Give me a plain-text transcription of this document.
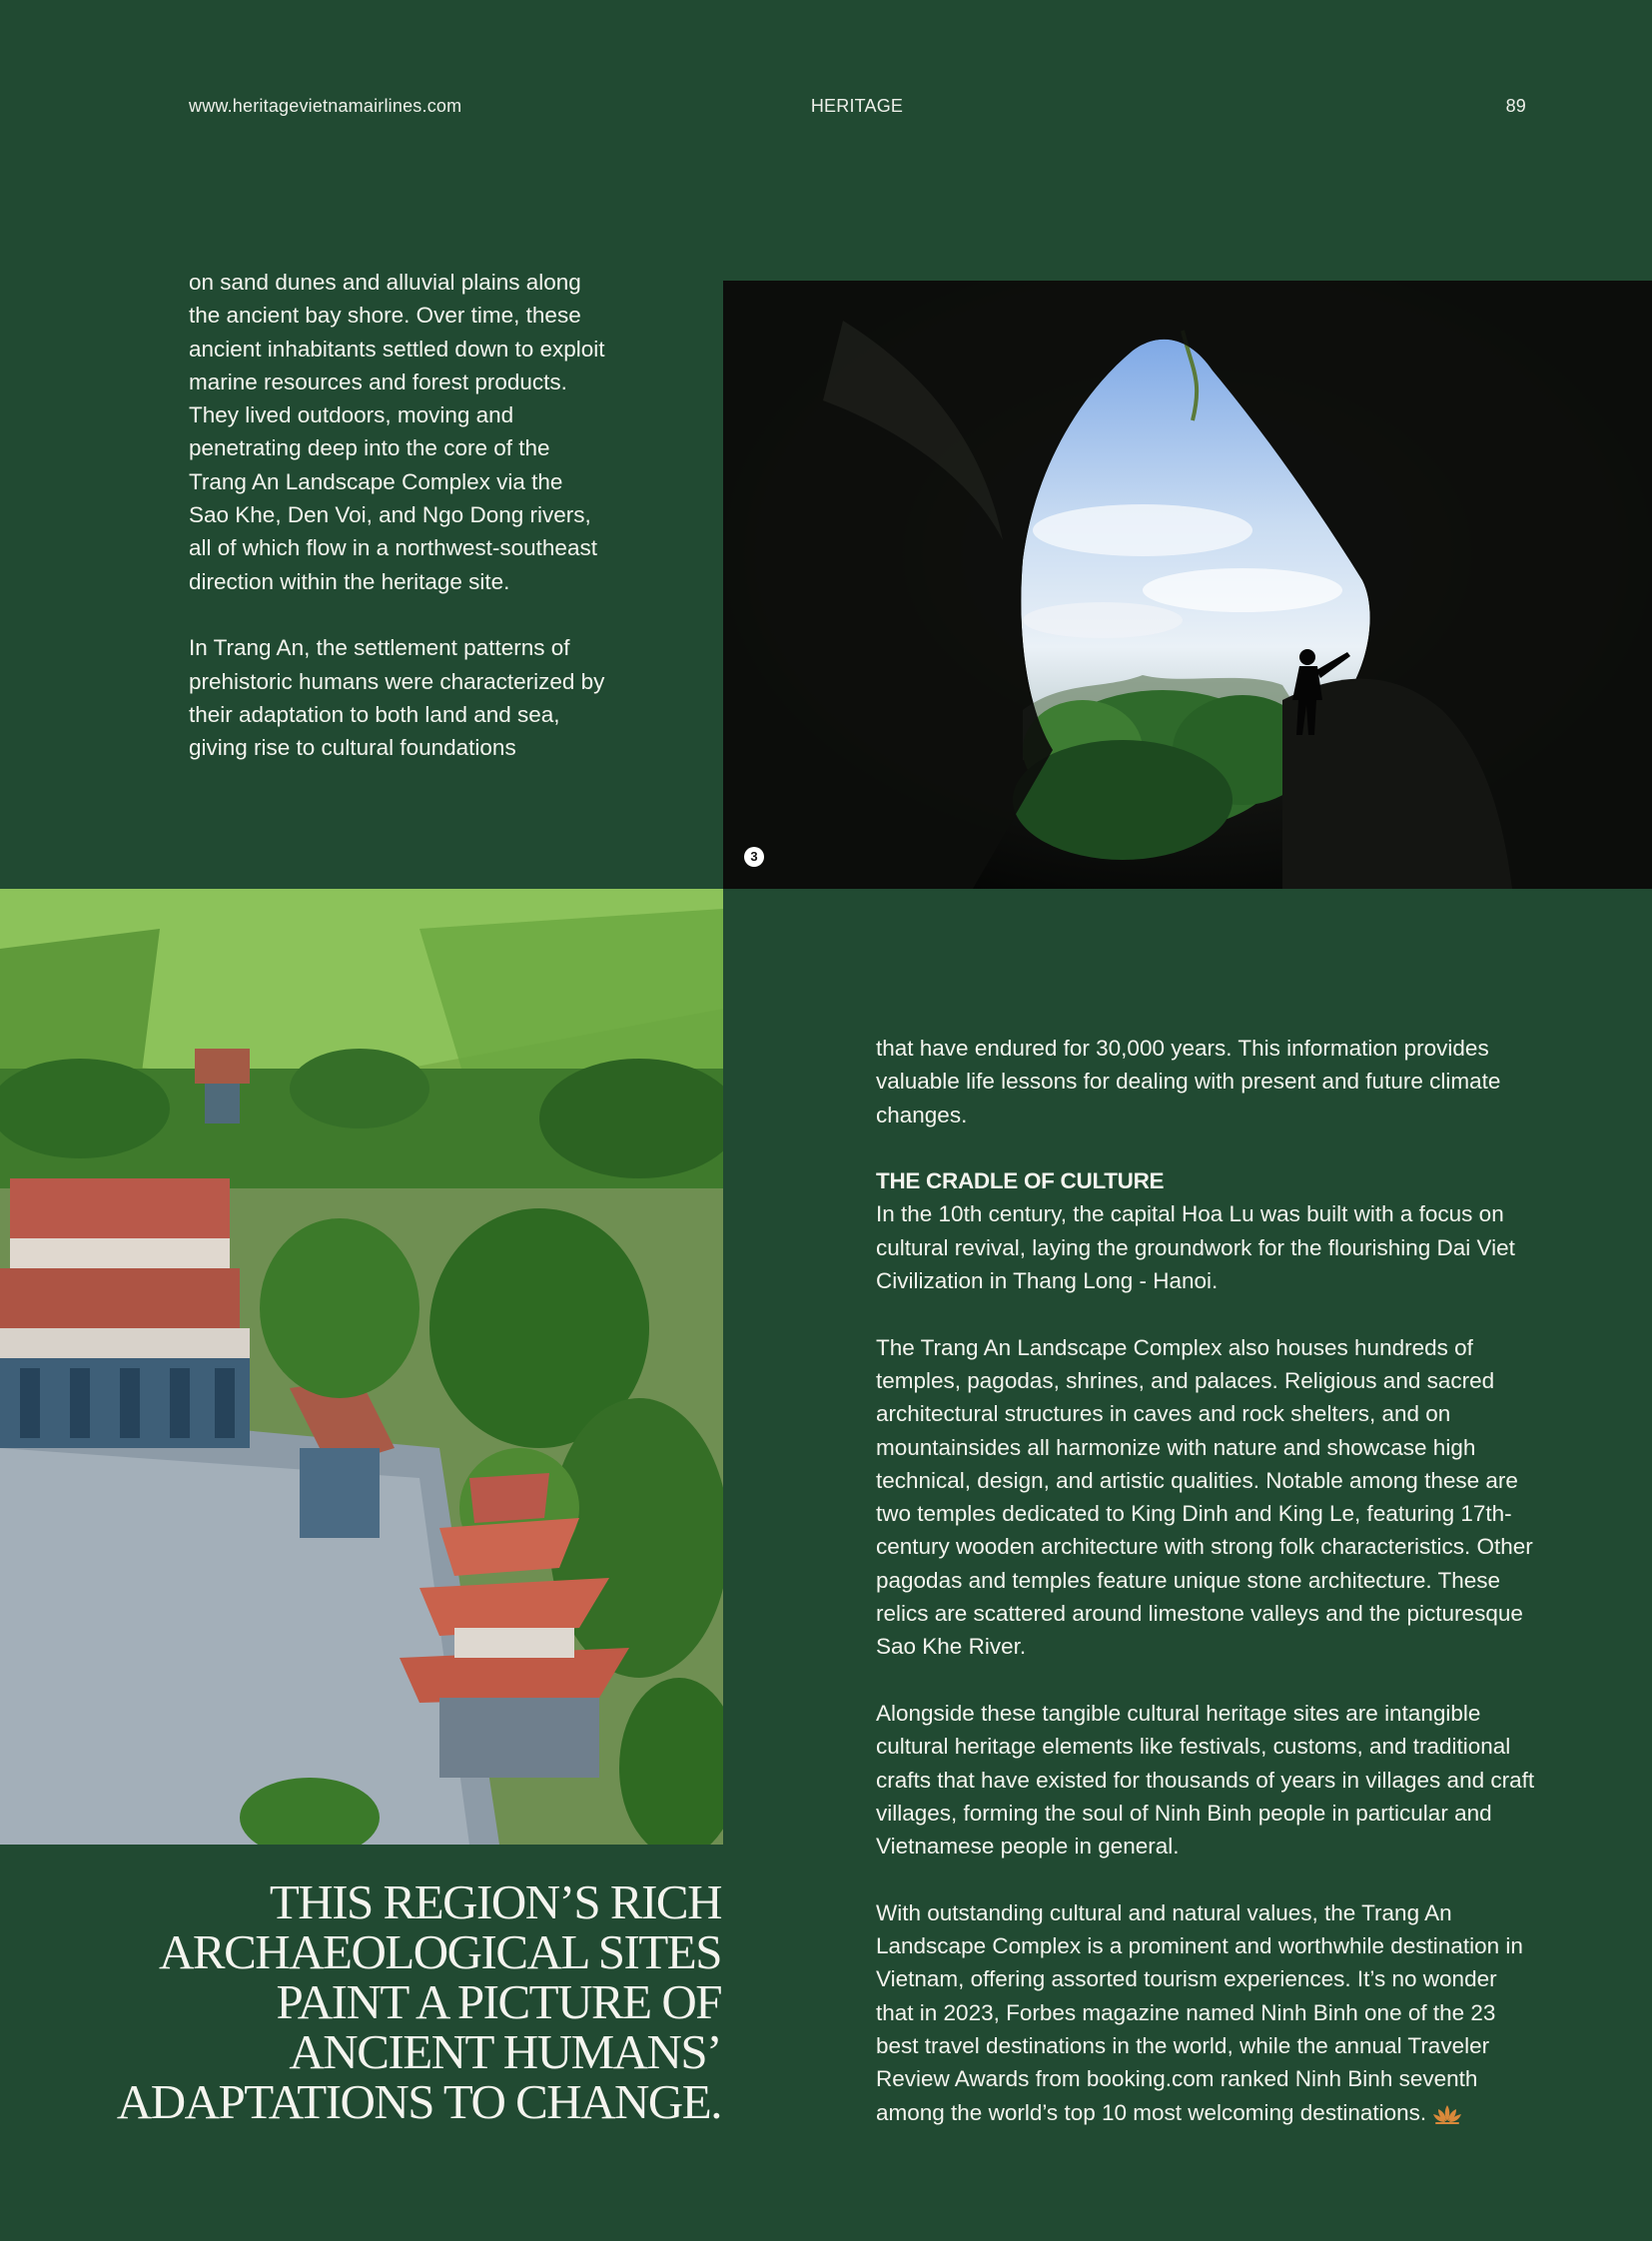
www.heritagevietnamairlines.com	HERITAGE	89

on sand dunes and alluvial plains along the ancient bay shore. Over time, these ancient inhabitants settled down to exploit marine resources and forest products. They lived outdoors, moving and penetrating deep into the core of the Trang An Landscape Complex via the Sao Khe, Den Voi, and Ngo Dong rivers, all of which flow in a northwest-southeast direction within the heritage site.

In Trang An, the settlement patterns of prehistoric humans were characterized by their adaptation to both land and sea, giving rise to cultural foundations

3
THIS REGION’S RICH
ARCHAEOLOGICAL SITES
PAINT A PICTURE OF
ANCIENT HUMANS’
ADAPTATIONS TO CHANGE.

that have endured for 30,000 years. This information provides valuable life lessons for dealing with present and future climate changes.

THE CRADLE OF CULTURE
In the 10th century, the capital Hoa Lu was built with a focus on cultural revival, laying the groundwork for the flourishing Dai Viet Civilization in Thang Long - Hanoi.

The Trang An Landscape Complex also houses hundreds of temples, pagodas, shrines, and palaces. Religious and sacred architectural structures in caves and rock shelters, and on mountainsides all harmonize with nature and showcase high technical, design, and artistic qualities. Notable among these are two temples dedicated to King Dinh and King Le, featuring 17th-century wooden architecture with strong folk characteristics. Other pagodas and temples feature unique stone architecture. These relics are scattered around limestone valleys and the picturesque Sao Khe River.

Alongside these tangible cultural heritage sites are intangible cultural heritage elements like festivals, customs, and traditional crafts that have existed for thousands of years in villages and craft villages, forming the soul of Ninh Binh people in particular and Vietnamese people in general.

With outstanding cultural and natural values, the Trang An Landscape Complex is a prominent and worthwhile destination in Vietnam, offering assorted tourism experiences. It’s no wonder that in 2023, Forbes magazine named Ninh Binh one of the 23 best travel destinations in the world, while the annual Traveler Review Awards from booking.com ranked Ninh Binh seventh among the world’s top 10 most welcoming destinations.
